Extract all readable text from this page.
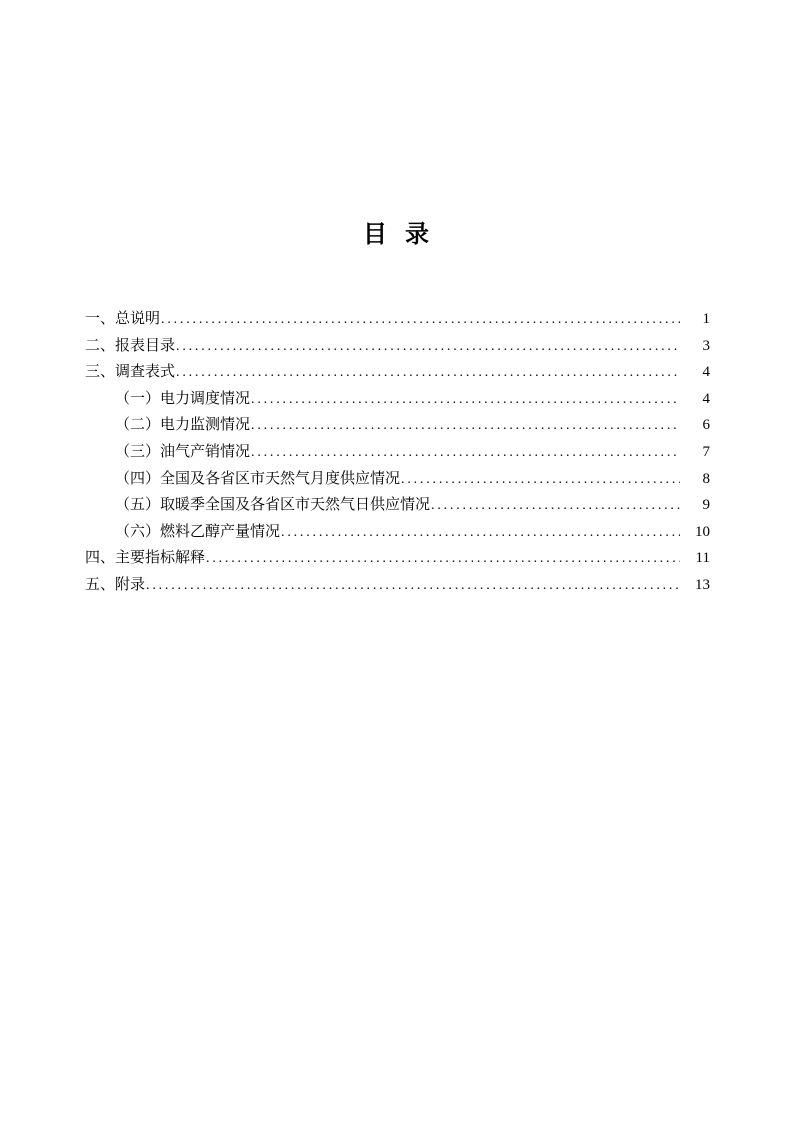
目 录
一、总说明 .....	1
二、报表目录 .....	3
三、调查表式 .....	4
（一）电力调度情况 .....	4
（二）电力监测情况 .....	6
（三）油气产销情况 .....	7
（四）全国及各省区市天然气月度供应情况 .....	8
（五）取暖季全国及各省区市天然气日供应情况 .....	9
（六）燃料乙醇产量情况 .....	10
四、主要指标解释 .....	11
五、附录 .....	13
